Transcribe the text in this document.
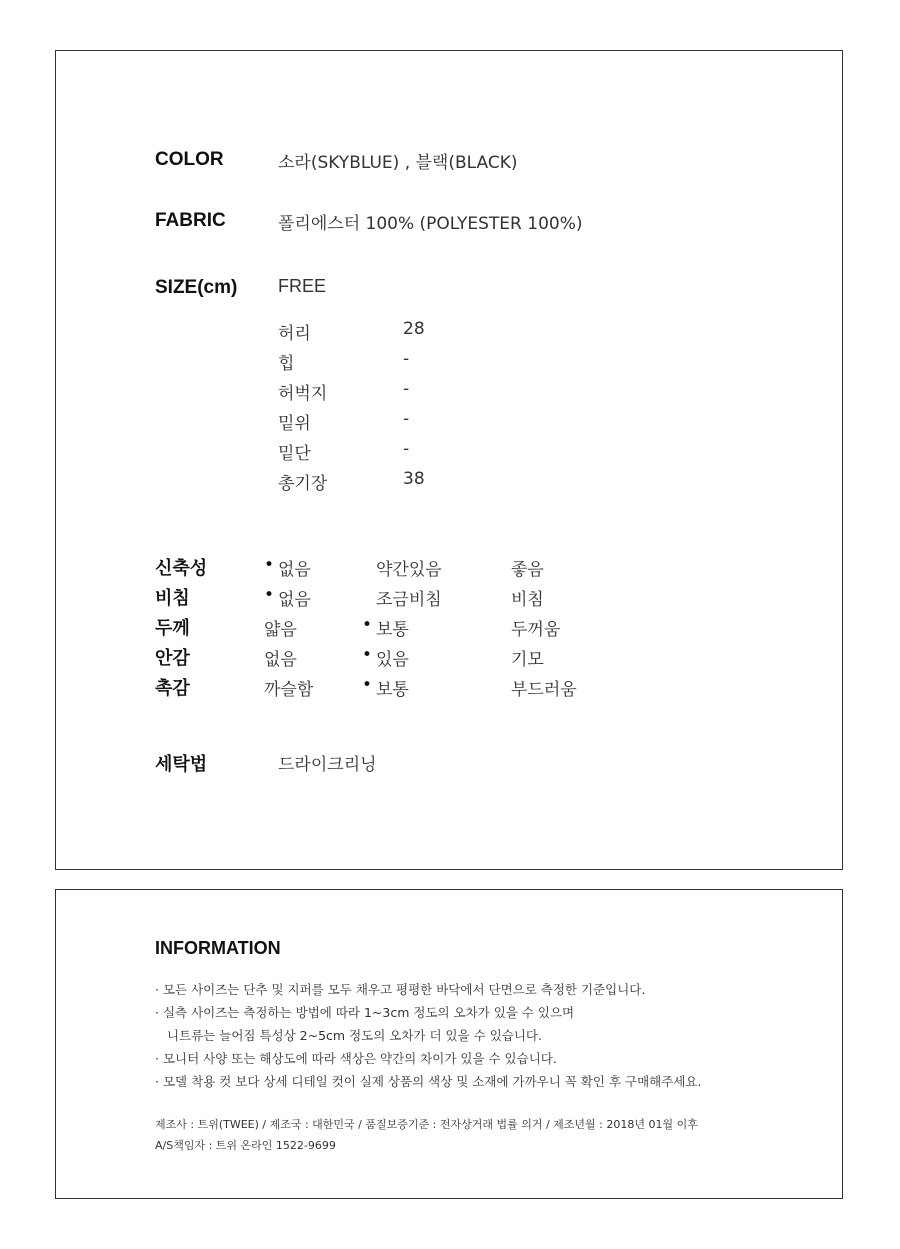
COLOR	소라(SKYBLUE) , 블랙(BLACK)
FABRIC	폴리에스터 100% (POLYESTER 100%)
SIZE(cm) FREE
허리	28
힙	-
허벅지	-
밑위	-
밑단	-
총기장	38
신축성	• 없음	약간있음	좋음
비침	• 없음	조금비침	비침
두께	얇음	• 보통	두꺼움
안감	없음	• 있음	기모
촉감	까슬함	• 보통	부드러움
세탁법	드라이크리닝
INFORMATION
· 모든 사이즈는 단추 및 지퍼를 모두 채우고 평평한 바닥에서 단면으로 측정한 기준입니다.
· 실측 사이즈는 측정하는 방법에 따라 1~3cm 정도의 오차가 있을 수 있으며
니트류는 늘어짐 특성상 2~5cm 정도의 오차가 더 있을 수 있습니다.
· 모니터 사양 또는 해상도에 따라 색상은 약간의 차이가 있을 수 있습니다.
· 모델 착용 컷 보다 상세 디테일 컷이 실제 상품의 색상 및 소재에 가까우니 꼭 확인 후 구매해주세요.
제조사 : 트위(TWEE) / 제조국 : 대한민국 / 품질보증기준 : 전자상거래 법률 의거 / 제조년월 : 2018년 01월 이후
A/S책임자 : 트위 온라인 1522-9699
